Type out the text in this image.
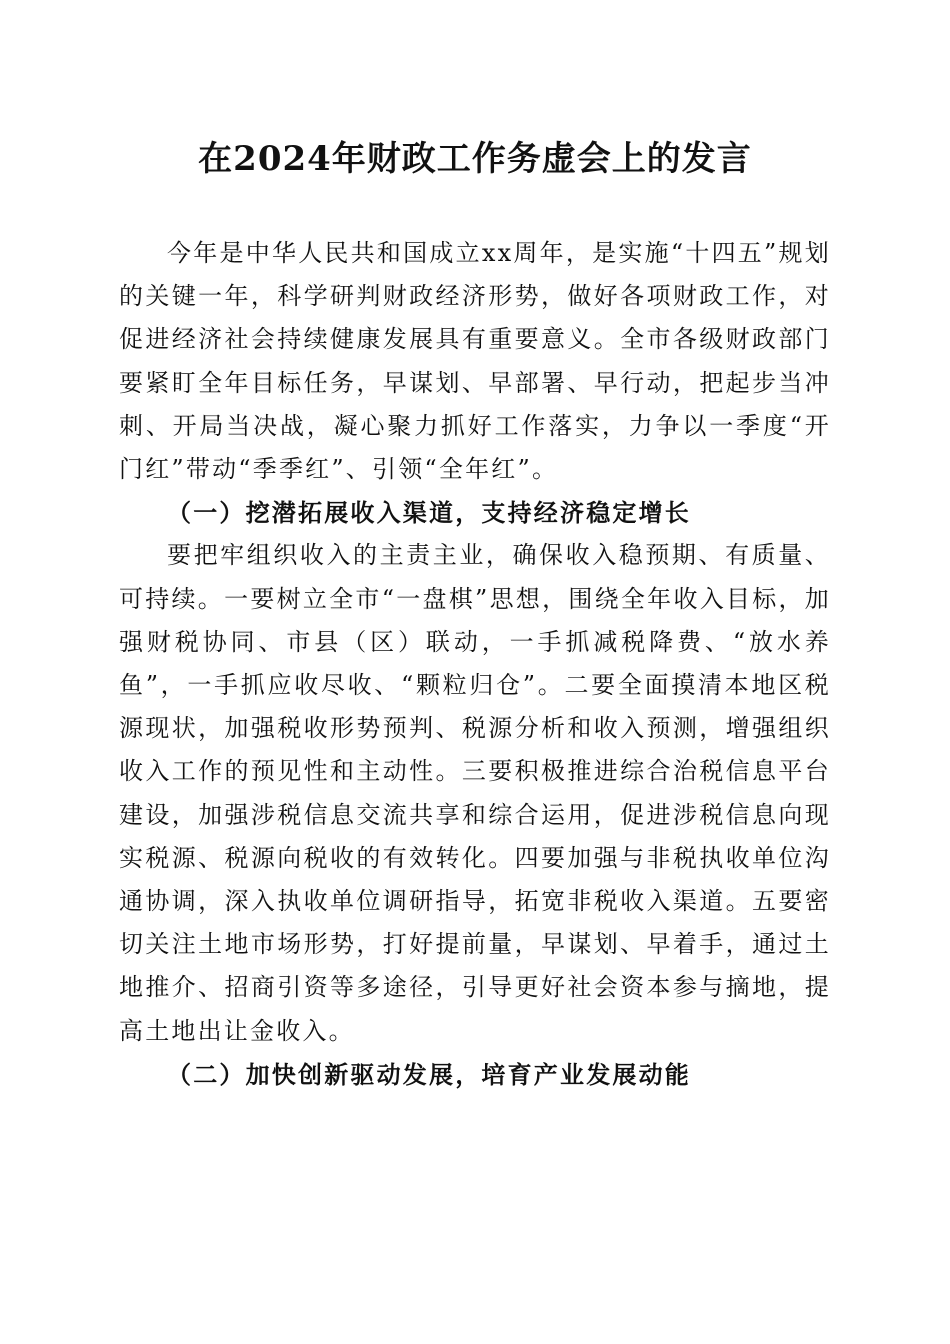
在2024年财政工作务虚会上的发言

今年是中华人民共和国成立xx周年，是实施“十四五”规划的关键一年，科学研判财政经济形势，做好各项财政工作，对促进经济社会持续健康发展具有重要意义。全市各级财政部门要紧盯全年目标任务，早谋划、早部署、早行动，把起步当冲刺、开局当决战，凝心聚力抓好工作落实，力争以一季度“开门红”带动“季季红”、引领“全年红”。

（一）挖潜拓展收入渠道，支持经济稳定增长

要把牢组织收入的主责主业，确保收入稳预期、有质量、可持续。一要树立全市“一盘棋”思想，围绕全年收入目标，加强财税协同、市县（区）联动，一手抓减税降费、“放水养鱼”，一手抓应收尽收、“颗粒归仓”。二要全面摸清本地区税源现状，加强税收形势预判、税源分析和收入预测，增强组织收入工作的预见性和主动性。三要积极推进综合治税信息平台建设，加强涉税信息交流共享和综合运用，促进涉税信息向现实税源、税源向税收的有效转化。四要加强与非税执收单位沟通协调，深入执收单位调研指导，拓宽非税收入渠道。五要密切关注土地市场形势，打好提前量，早谋划、早着手，通过土地推介、招商引资等多途径，引导更好社会资本参与摘地，提高土地出让金收入。

（二）加快创新驱动发展，培育产业发展动能
